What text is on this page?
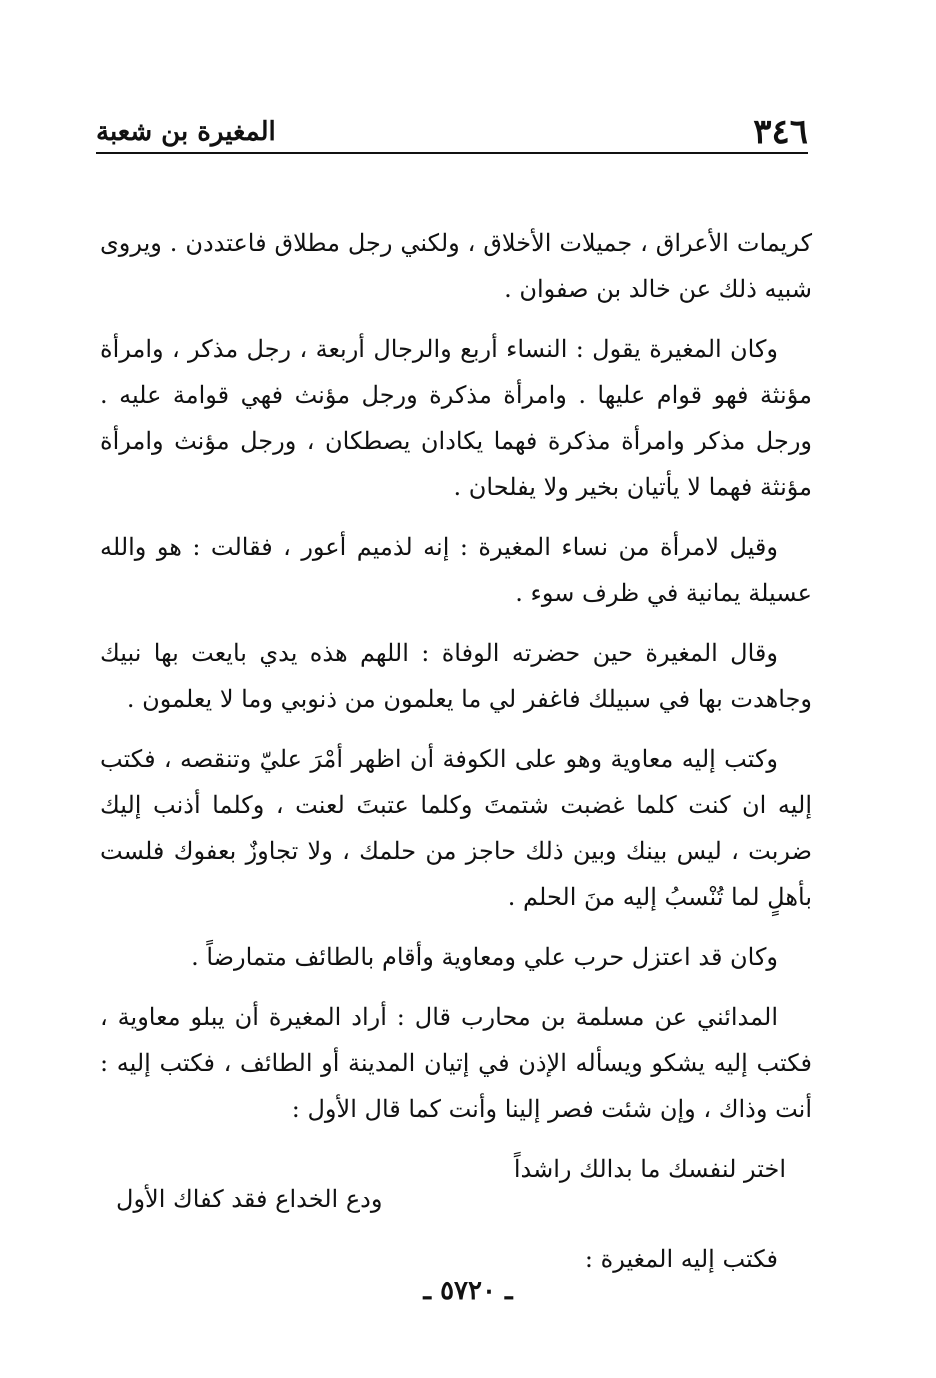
٣٤٦
المغيرة بن شعبة

كريمات الأعراق ، جميلات الأخلاق ، ولكني رجل مطلاق فاعتددن . ويروى شبيه ذلك عن خالد بن صفوان .

وكان المغيرة يقول : النساء أربع والرجال أربعة ، رجل مذكر ، وامرأة مؤنثة فهو قوام عليها . وامرأة مذكرة ورجل مؤنث فهي قوامة عليه . ورجل مذكر وامرأة مذكرة فهما يكادان يصطكان ، ورجل مؤنث وامرأة مؤنثة فهما لا يأتيان بخير ولا يفلحان .

وقيل لامرأة من نساء المغيرة : إنه لذميم أعور ، فقالت : هو والله عسيلة يمانية في ظرف سوء .

وقال المغيرة حين حضرته الوفاة : اللهم هذه يدي بايعت بها نبيك وجاهدت بها في سبيلك فاغفر لي ما يعلمون من ذنوبي وما لا يعلمون .

وكتب إليه معاوية وهو على الكوفة أن اظهر أمْرَ عليّ وتنقصه ، فكتب إليه ان كنت كلما غضبت شتمتَ وكلما عتبتَ لعنت ، وكلما أذنب إليك ضربت ، ليس بينك وبين ذلك حاجز من حلمك ، ولا تجاوزٌ بعفوك فلست بأهلٍ لما تُنْسبُ إليه منَ الحلم .

وكان قد اعتزل حرب علي ومعاوية وأقام بالطائف متمارضاً .

المدائني عن مسلمة بن محارب قال : أراد المغيرة أن يبلو معاوية ، فكتب إليه يشكو ويسأله الإذن في إتيان المدينة أو الطائف ، فكتب إليه : أنت وذاك ، وإن شئت فصر إلينا وأنت كما قال الأول :

اختر لنفسك ما بدالك راشداً
ودع الخداع فقد كفاك الأول

فكتب إليه المغيرة :

ـ ٥٧٢٠ ـ
